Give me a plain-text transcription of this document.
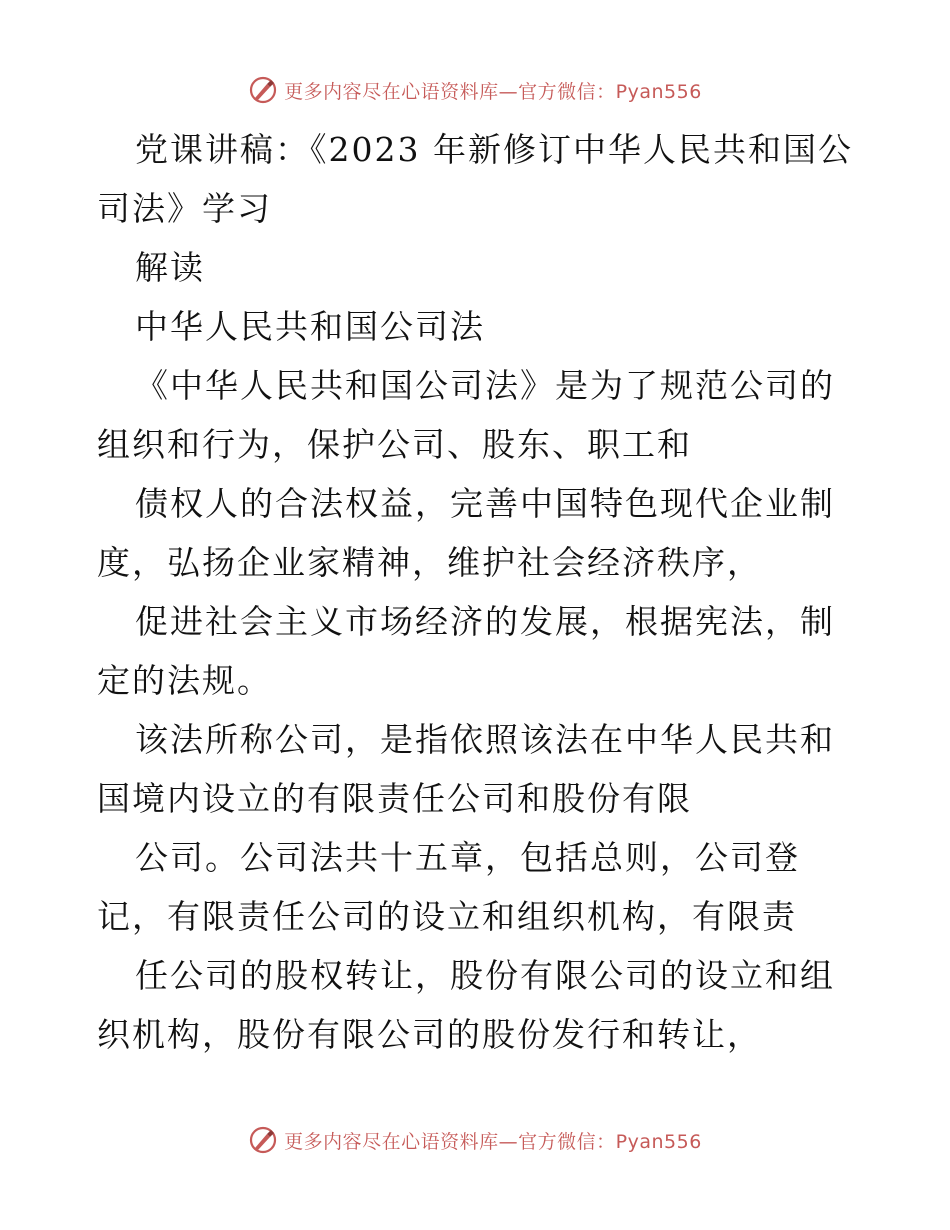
更多内容尽在心语资料库—官方微信：Pyan556

党课讲稿：《2023 年新修订中华人民共和国公司法》学习

解读

中华人民共和国公司法

《中华人民共和国公司法》是为了规范公司的组织和行为，保护公司、股东、职工和

债权人的合法权益，完善中国特色现代企业制度，弘扬企业家精神，维护社会经济秩序，

促进社会主义市场经济的发展，根据宪法，制定的法规。

该法所称公司，是指依照该法在中华人民共和国境内设立的有限责任公司和股份有限

公司。公司法共十五章，包括总则，公司登记，有限责任公司的设立和组织机构，有限责

任公司的股权转让，股份有限公司的设立和组织机构，股份有限公司的股份发行和转让，

更多内容尽在心语资料库—官方微信：Pyan556
